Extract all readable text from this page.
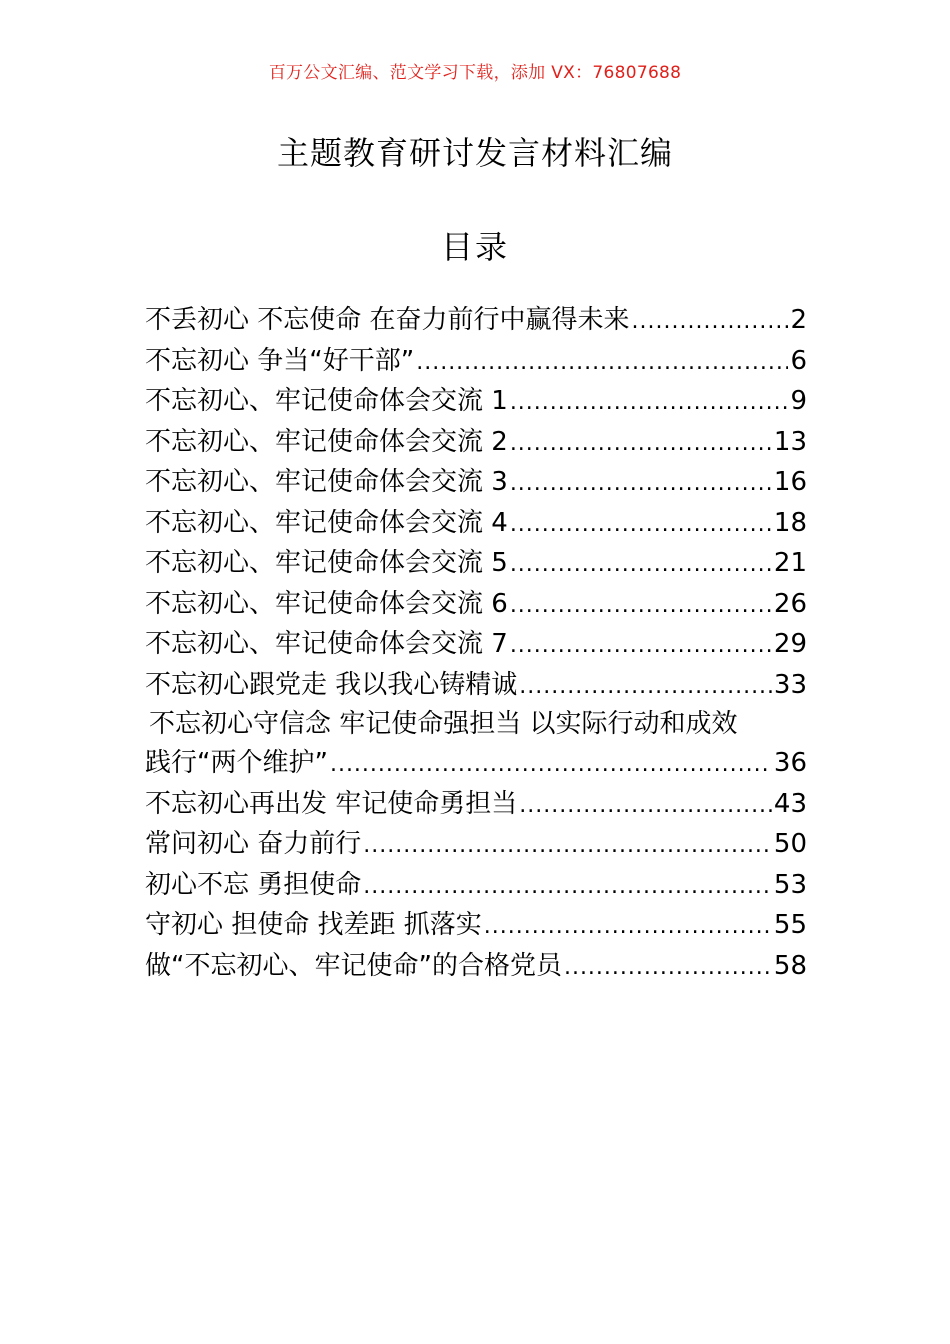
百万公文汇编、范文学习下载，添加 VX：76807688
主题教育研讨发言材料汇编
目录
不丢初心 不忘使命 在奋力前行中赢得未来 .....	2
不忘初心 争当“好干部” .....	6
不忘初心、牢记使命体会交流 1 .....	9
不忘初心、牢记使命体会交流 2 .....	13
不忘初心、牢记使命体会交流 3 .....	16
不忘初心、牢记使命体会交流 4 .....	18
不忘初心、牢记使命体会交流 5 .....	21
不忘初心、牢记使命体会交流 6 .....	26
不忘初心、牢记使命体会交流 7 .....	29
不忘初心跟党走 我以我心铸精诚 .....	33
不忘初心守信念 牢记使命强担当 以实际行动和成效
践行“两个维护” .....	36
不忘初心再出发 牢记使命勇担当 .....	43
常问初心 奋力前行 .....	50
初心不忘 勇担使命 .....	53
守初心 担使命 找差距 抓落实 .....	55
做“不忘初心、牢记使命”的合格党员 .....	58
